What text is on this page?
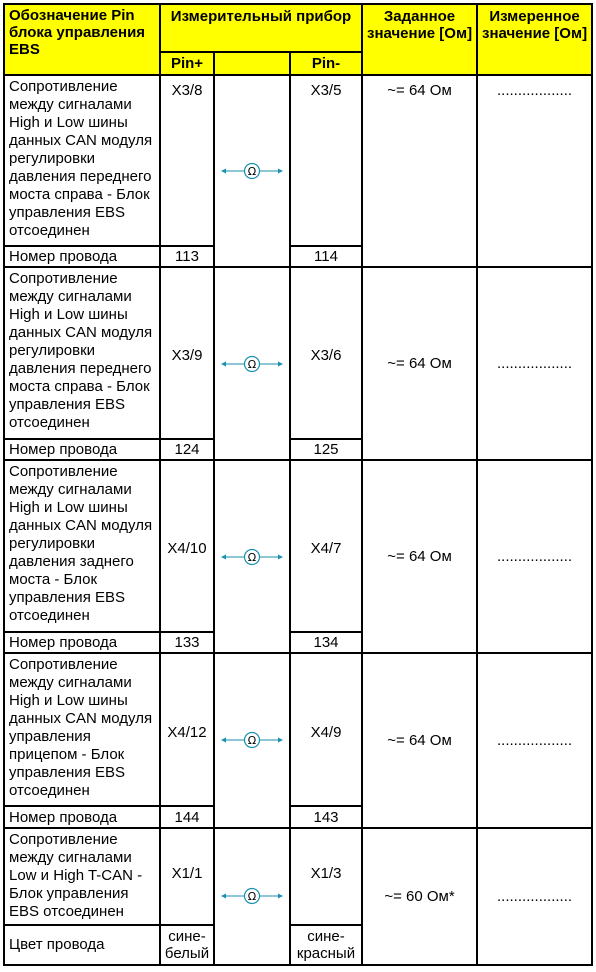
Обозначение Pin блока управления EBS	Измерительный прибор			Заданное значение [Ом]	Измеренное значение [Ом]
	Pin+		Pin-		
Сопротивление между сигналами High и Low шины данных CAN модуля регулировки давления переднего моста справа - Блок управления EBS отсоединен	X3/8	Ω	X3/5	~= 64 Ом	..................
Номер провода	113		114		
Сопротивление между сигналами High и Low шины данных CAN модуля регулировки давления переднего моста справа - Блок управления EBS отсоединен	X3/9	Ω	X3/6	~= 64 Ом	..................
Номер провода	124		125		
Сопротивление между сигналами High и Low шины данных CAN модуля регулировки давления заднего моста - Блок управления EBS отсоединен	X4/10	Ω	X4/7	~= 64 Ом	..................
Номер провода	133		134		
Сопротивление между сигналами High и Low шины данных CAN модуля управления прицепом - Блок управления EBS отсоединен	X4/12	Ω	X4/9	~= 64 Ом	..................
Номер провода	144		143		
Сопротивление между сигналами Low и High T-CAN - Блок управления EBS отсоединен	X1/1	Ω	X1/3	~= 60 Ом*	..................
Цвет провода	сине-белый		сине-красный		
